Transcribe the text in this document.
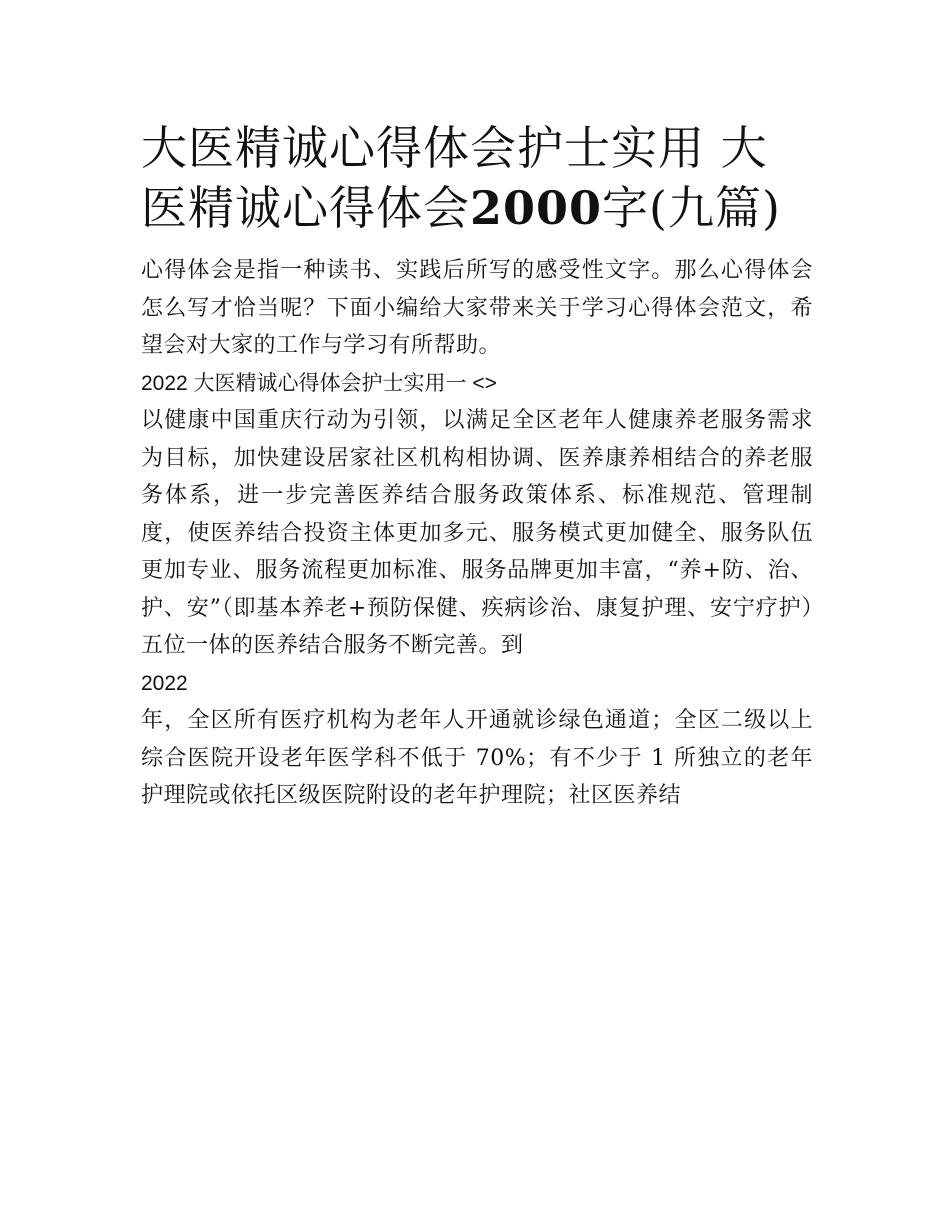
大医精诚心得体会护士实用 大医精诚心得体会2000字(九篇)

心得体会是指一种读书、实践后所写的感受性文字。那么心得体会怎么写才恰当呢？下面小编给大家带来关于学习心得体会范文，希望会对大家的工作与学习有所帮助。

2022 大医精诚心得体会护士实用一 <>

以健康中国重庆行动为引领，以满足全区老年人健康养老服务需求为目标，加快建设居家社区机构相协调、医养康养相结合的养老服务体系，进一步完善医养结合服务政策体系、标准规范、管理制度，使医养结合投资主体更加多元、服务模式更加健全、服务队伍更加专业、服务流程更加标准、服务品牌更加丰富，“养+防、治、护、安”（即基本养老+预防保健、疾病诊治、康复护理、安宁疗护）五位一体的医养结合服务不断完善。到

2022

年，全区所有医疗机构为老年人开通就诊绿色通道；全区二级以上综合医院开设老年医学科不低于 70%；有不少于 1 所独立的老年护理院或依托区级医院附设的老年护理院；社区医养结
